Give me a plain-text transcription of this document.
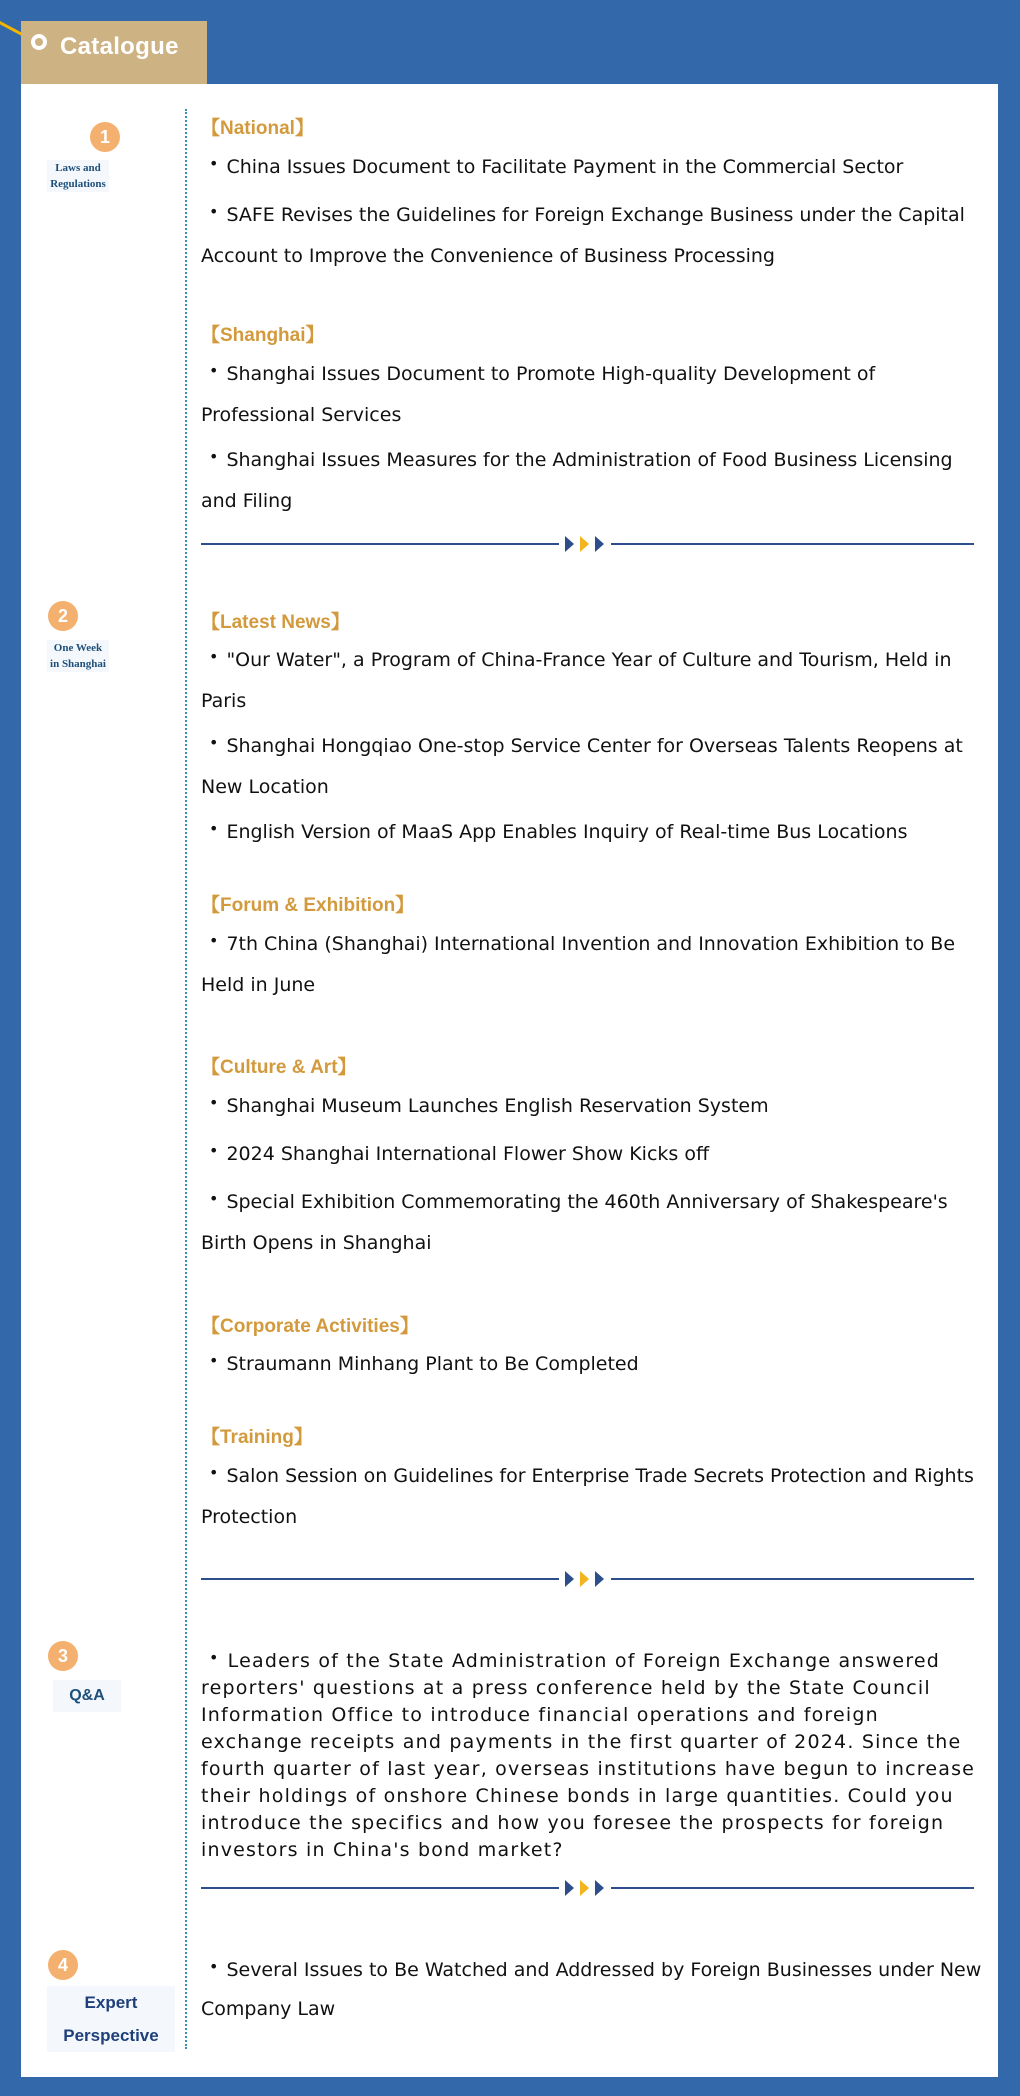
Catalogue
1
Laws and
Regulations
【National】
• China Issues Document to Facilitate Payment in the Commercial Sector
• SAFE Revises the Guidelines for Foreign Exchange Business under the Capital Account to Improve the Convenience of Business Processing
【Shanghai】
• Shanghai Issues Document to Promote High-quality Development of Professional Services
• Shanghai Issues Measures for the Administration of Food Business Licensing and Filing
2
One Week
in Shanghai
【Latest News】
• "Our Water", a Program of China-France Year of Culture and Tourism, Held in Paris
• Shanghai Hongqiao One-stop Service Center for Overseas Talents Reopens at New Location
• English Version of MaaS App Enables Inquiry of Real-time Bus Locations
【Forum & Exhibition】
• 7th China (Shanghai) International Invention and Innovation Exhibition to Be Held in June
【Culture & Art】
• Shanghai Museum Launches English Reservation System
• 2024 Shanghai International Flower Show Kicks off
• Special Exhibition Commemorating the 460th Anniversary of Shakespeare's Birth Opens in Shanghai
【Corporate Activities】
• Straumann Minhang Plant to Be Completed
【Training】
• Salon Session on Guidelines for Enterprise Trade Secrets Protection and Rights Protection
3
Q&A
• Leaders of the State Administration of Foreign Exchange answered reporters' questions at a press conference held by the State Council Information Office to introduce financial operations and foreign exchange receipts and payments in the first quarter of 2024. Since the fourth quarter of last year, overseas institutions have begun to increase their holdings of onshore Chinese bonds in large quantities. Could you introduce the specifics and how you foresee the prospects for foreign investors in China's bond market?
4
Expert
Perspective
• Several Issues to Be Watched and Addressed by Foreign Businesses under New Company Law
